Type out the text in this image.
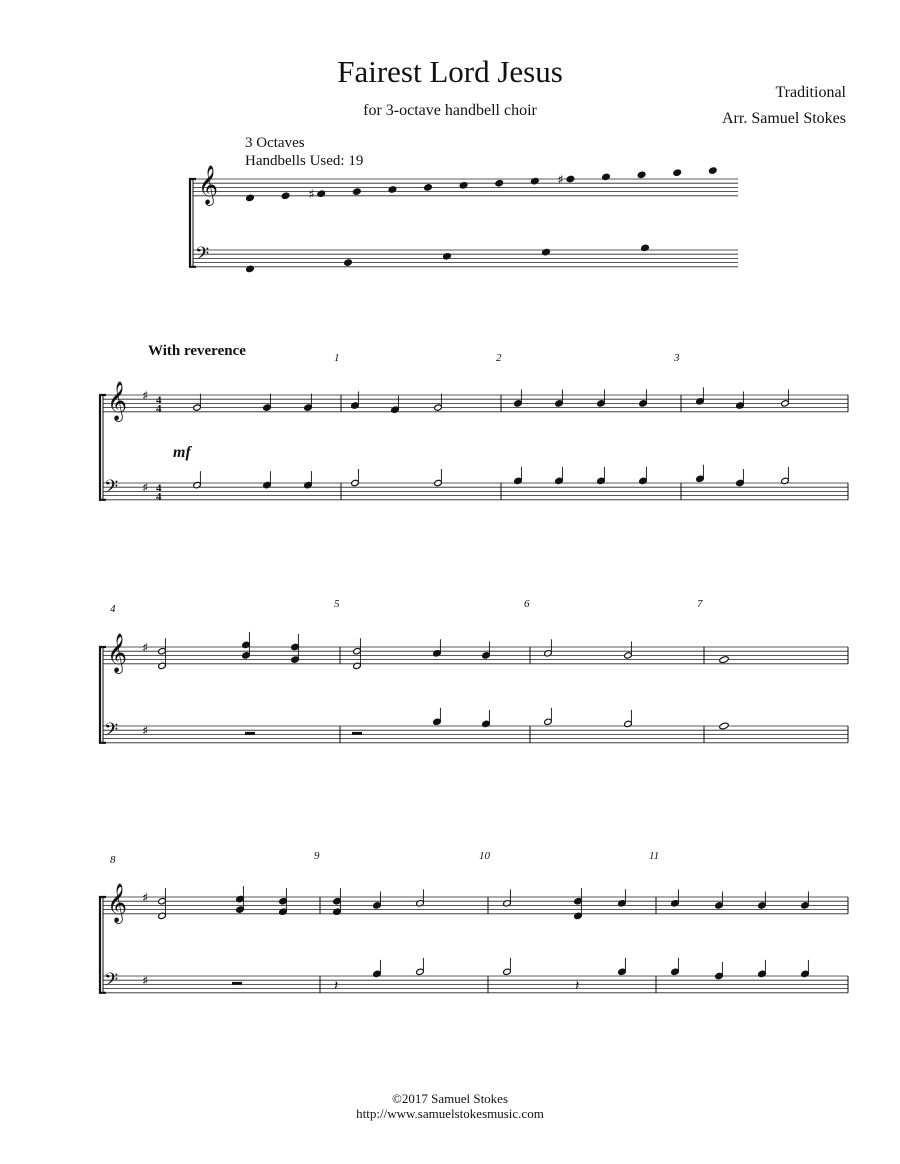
Fairest Lord Jesus
for 3-octave handbell choir
Traditional
Arr. Samuel Stokes
3 Octaves
Handbells Used: 19
With reverence	1	2	3
4	5	6	7
8	9	10	11
𝄞
𝄢
♯
♯
𝄞
𝄢
♯
♯
4
4
4
4
𝄞
𝄢
♯
♯
𝄞
𝄢
♯
♯
mf
𝄽	𝄽
©2017 Samuel Stokes
http://www.samuelstokesmusic.com
